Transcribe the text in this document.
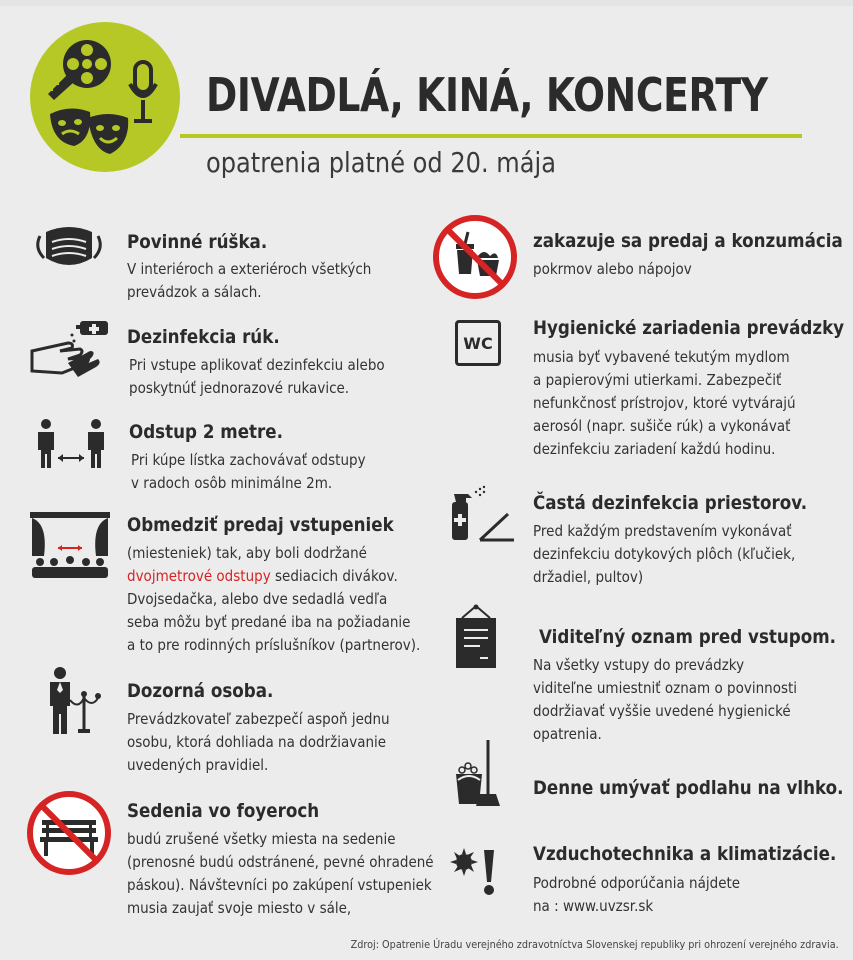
DIVADLÁ, KINÁ, KONCERTY
opatrenia platné od 20. mája
Povinné rúška.

V interiéroch a exteriéroch všetkých

prevádzok a sálach.

Dezinfekcia rúk.

Pri vstupe aplikovať dezinfekciu alebo

poskytnúť jednorazové rukavice.

Odstup 2 metre.

Pri kúpe lístka zachovávať odstupy

v radoch osôb minimálne 2m.

Obmedziť predaj vstupeniek

(miesteniek) tak, aby boli dodržané

dvojmetrové odstupy sediacich divákov.

Dvojsedačka, alebo dve sedadlá vedľa

seba môžu byť predané iba na požiadanie

a to pre rodinných príslušníkov (partnerov).

Dozorná osoba.

Prevádzkovateľ zabezpečí aspoň jednu

osobu, ktorá dohliada na dodržiavanie

uvedených pravidiel.

Sedenia vo foyeroch

budú zrušené všetky miesta na sedenie

(prenosné budú odstránené, pevné ohradené

páskou). Návštevníci po zakúpení vstupeniek

musia zaujať svoje miesto v sále,

zakazuje sa predaj a konzumácia

pokrmov alebo nápojov

WC
Hygienické zariadenia prevádzky

musia byť vybavené tekutým mydlom

a papierovými utierkami. Zabezpečiť

nefunkčnosť prístrojov, ktoré vytvárajú

aerosól (napr. sušiče rúk) a vykonávať

dezinfekciu zariadení každú hodinu.

Častá dezinfekcia priestorov.

Pred každým predstavením vykonávať

dezinfekciu dotykových plôch (kľučiek,

držadiel, pultov)

Viditeľný oznam pred vstupom.

Na všetky vstupy do prevádzky

viditeľne umiestniť oznam o povinnosti

dodržiavať vyššie uvedené hygienické

opatrenia.

Denne umývať podlahu na vlhko.
Vzduchotechnika a klimatizácie.

Podrobné odporúčania nájdete

na : www.uvzsr.sk

Zdroj: Opatrenie Úradu verejného zdravotníctva Slovenskej republiky pri ohrození verejného zdravia.
